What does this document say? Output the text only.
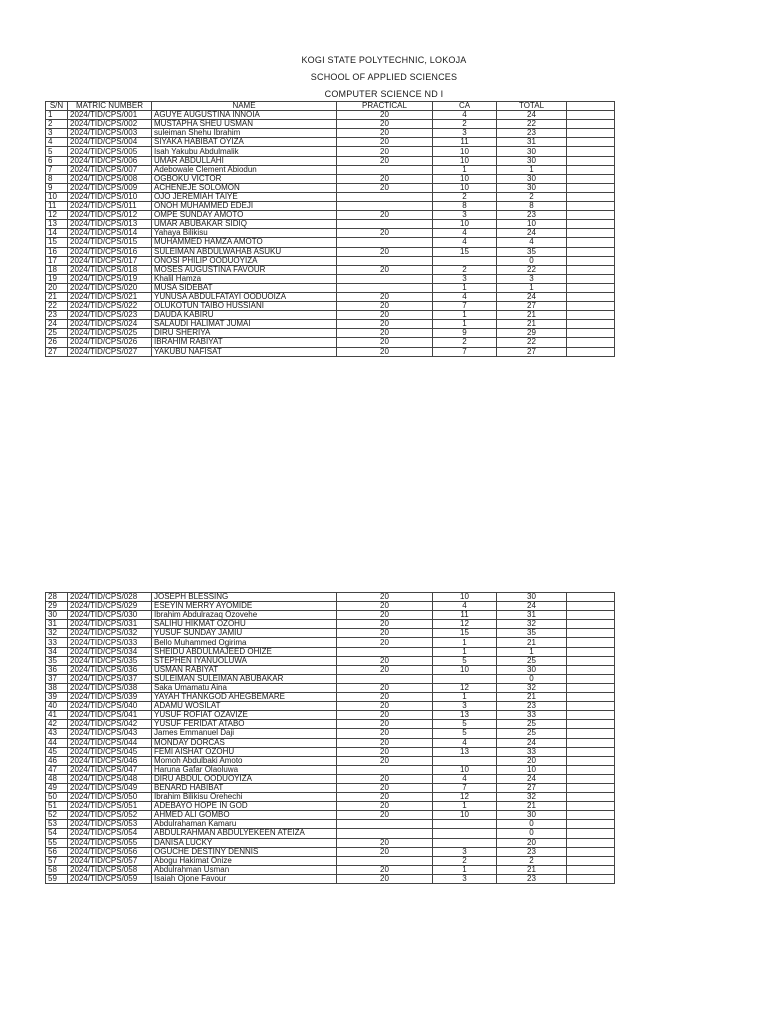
KOGI STATE POLYTECHNIC, LOKOJA
SCHOOL OF APPLIED SCIENCES
COMPUTER SCIENCE ND I
S/N	MATRIC NUMBER	NAME	PRACTICAL	CA	TOTAL	
1	2024/TID/CPS/001	AGUYE AUGUSTINA INNOIA	20	4	24	
2	2024/TID/CPS/002	MUSTAPHA SHEU USMAN	20	2	22	
3	2024/TID/CPS/003	suleiman Shehu Ibrahim	20	3	23	
4	2024/TID/CPS/004	SIYAKA HABIBAT OYIZA	20	11	31	
5	2024/TID/CPS/005	Isah Yakubu Abdulmalik	20	10	30	
6	2024/TID/CPS/006	UMAR ABDULLAHI	20	10	30	
7	2024/TID/CPS/007	Adebowale Clement Abiodun		1	1	
8	2024/TID/CPS/008	OGBOKU VICTOR	20	10	30	
9	2024/TID/CPS/009	ACHENEJE SOLOMON	20	10	30	
10	2024/TID/CPS/010	OJO JEREMIAH TAIYE		2	2	
11	2024/TID/CPS/011	ONOH MUHAMMED EDEJI		8	8	
12	2024/TID/CPS/012	OMPE SUNDAY AMOTO	20	3	23	
13	2024/TID/CPS/013	UMAR ABUBAKAR SIDIQ		10	10	
14	2024/TID/CPS/014	Yahaya Bilikisu	20	4	24	
15	2024/TID/CPS/015	MUHAMMED HAMZA AMOTO		4	4	
16	2024/TID/CPS/016	SULEIMAN ABDULWAHAB ASUKU	20	15	35	
17	2024/TID/CPS/017	ONOSI PHILIP OODUOYIZA			0	
18	2024/TID/CPS/018	MOSES AUGUSTINA FAVOUR	20	2	22	
19	2024/TID/CPS/019	Khalil Hamza		3	3	
20	2024/TID/CPS/020	MUSA SIDEBAT		1	1	
21	2024/TID/CPS/021	YUNUSA ABDULFATAYI OODUOIZA	20	4	24	
22	2024/TID/CPS/022	OLUKOTUN TAIBO HUSSIANI	20	7	27	
23	2024/TID/CPS/023	DAUDA KABIRU	20	1	21	
24	2024/TID/CPS/024	SALAUDI HALIMAT JUMAI	20	1	21	
25	2024/TID/CPS/025	DIRU SHERIYA	20	9	29	
26	2024/TID/CPS/026	IBRAHIM RABIYAT	20	2	22	
27	2024/TID/CPS/027	YAKUBU NAFISAT	20	7	27	
28	2024/TID/CPS/028	JOSEPH BLESSING	20	10	30	
29	2024/TID/CPS/029	ESEYIN MERRY AYOMIDE	20	4	24	
30	2024/TID/CPS/030	Ibrahim Abdulrazaq Ozovehe	20	11	31	
31	2024/TID/CPS/031	SALIHU HIKMAT OZOHU	20	12	32	
32	2024/TID/CPS/032	YUSUF SUNDAY JAMIU	20	15	35	
33	2024/TID/CPS/033	Bello Muhammed Ogirima	20	1	21	
34	2024/TID/CPS/034	SHEIDU ABDULMAJEED OHIZE		1	1	
35	2024/TID/CPS/035	STEPHEN IYANUOLUWA	20	5	25	
36	2024/TID/CPS/036	USMAN RABIYAT	20	10	30	
37	2024/TID/CPS/037	SULEIMAN SULEIMAN ABUBAKAR			0	
38	2024/TID/CPS/038	Saka Umamatu Aina	20	12	32	
39	2024/TID/CPS/039	YAYAH THANKGOD AHEGBEMARE	20	1	21	
40	2024/TID/CPS/040	ADAMU WOSILAT	20	3	23	
41	2024/TID/CPS/041	YUSUF ROFIAT OZAVIZE	20	13	33	
42	2024/TID/CPS/042	YUSUF FERIDAT ATABO	20	5	25	
43	2024/TID/CPS/043	James Emmanuel Daji	20	5	25	
44	2024/TID/CPS/044	MONDAY DORCAS	20	4	24	
45	2024/TID/CPS/045	FEMI AISHAT OZOHU	20	13	33	
46	2024/TID/CPS/046	Momoh Abdulbaki Amoto	20		20	
47	2024/TID/CPS/047	Haruna Gafar Olaoluwa		10	10	
48	2024/TID/CPS/048	DIRU ABDUL OODUOYIZA	20	4	24	
49	2024/TID/CPS/049	BENARD HABIBAT	20	7	27	
50	2024/TID/CPS/050	Ibrahim Bilikisu Orehechi	20	12	32	
51	2024/TID/CPS/051	ADEBAYO HOPE IN GOD	20	1	21	
52	2024/TID/CPS/052	AHMED ALI GOMBO	20	10	30	
53	2024/TID/CPS/053	Abdulrahaman Kamaru			0	
54	2024/TID/CPS/054	ABDULRAHMAN ABDULYEKEEN ATEIZA			0	
55	2024/TID/CPS/055	DANISA LUCKY	20		20	
56	2024/TID/CPS/056	OGUCHE DESTINY DENNIS	20	3	23	
57	2024/TID/CPS/057	Abogu Hakimat Onize		2	2	
58	2024/TID/CPS/058	Abdulrahman Usman	20	1	21	
59	2024/TID/CPS/059	Isaiah Ojone Favour	20	3	23	
